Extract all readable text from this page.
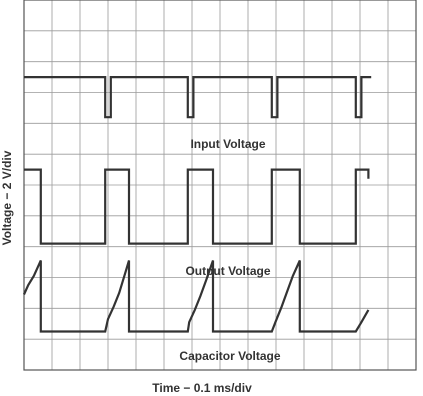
Input Voltage
Output Voltage
Capacitor Voltage
Time − 0.1 ms/div
Voltage − 2 V/div
